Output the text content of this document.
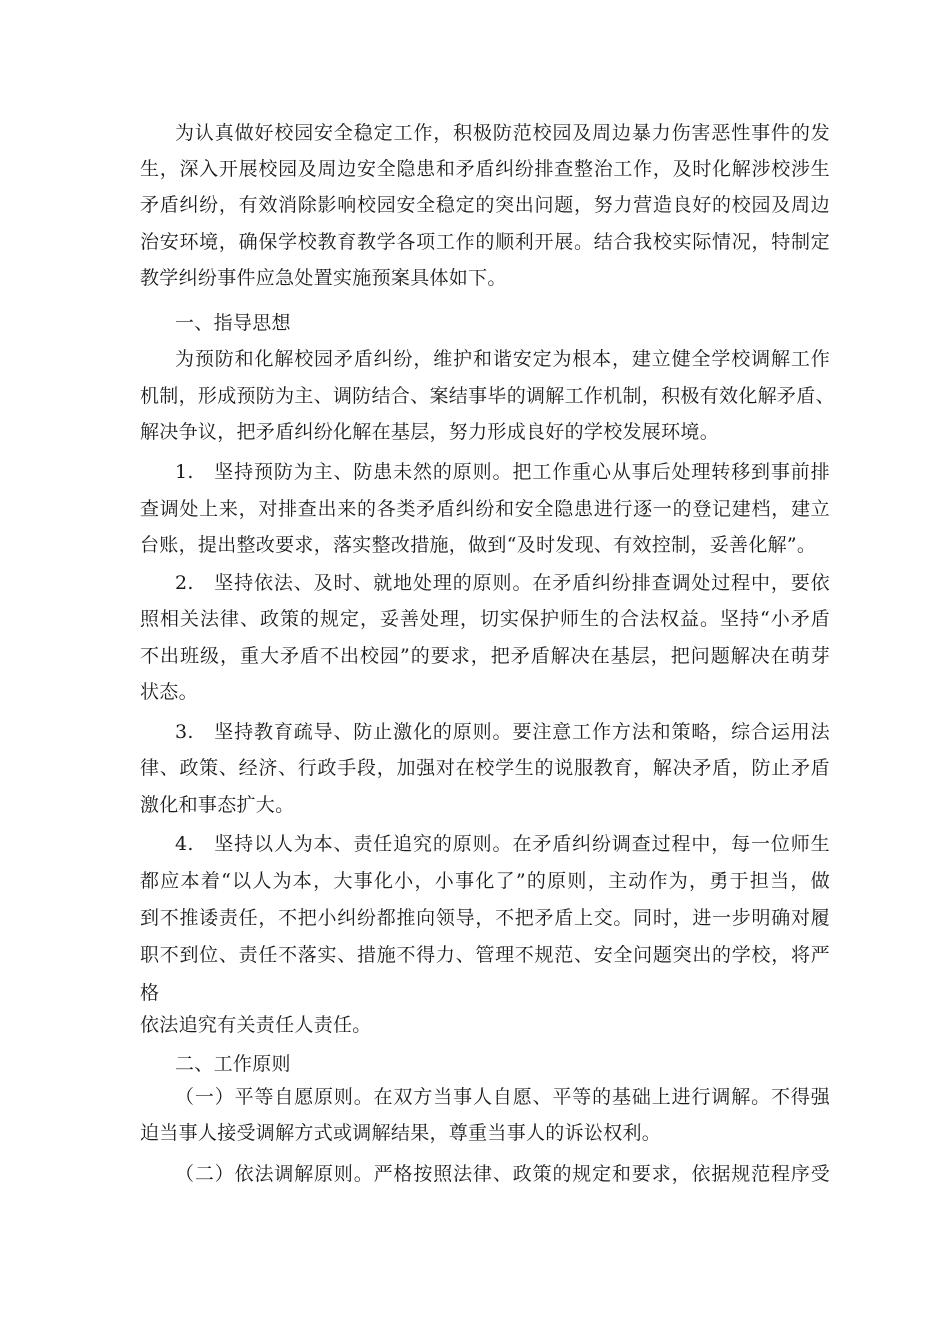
为认真做好校园安全稳定工作，积极防范校园及周边暴力伤害恶性事件的发
生，深入开展校园及周边安全隐患和矛盾纠纷排查整治工作，及时化解涉校涉生
矛盾纠纷，有效消除影响校园安全稳定的突出问题，努力营造良好的校园及周边
治安环境，确保学校教育教学各项工作的顺利开展。结合我校实际情况，特制定
教学纠纷事件应急处置实施预案具体如下。
一、指导思想
为预防和化解校园矛盾纠纷，维护和谐安定为根本，建立健全学校调解工作
机制，形成预防为主、调防结合、案结事毕的调解工作机制，积极有效化解矛盾、
解决争议，把矛盾纠纷化解在基层，努力形成良好的学校发展环境。
1.　坚持预防为主、防患未然的原则。把工作重心从事后处理转移到事前排
查调处上来，对排查出来的各类矛盾纠纷和安全隐患进行逐一的登记建档，建立
台账，提出整改要求，落实整改措施，做到“及时发现、有效控制，妥善化解”。
2.　坚持依法、及时、就地处理的原则。在矛盾纠纷排查调处过程中，要依
照相关法律、政策的规定，妥善处理，切实保护师生的合法权益。坚持“小矛盾
不出班级，重大矛盾不出校园”的要求，把矛盾解决在基层，把问题解决在萌芽
状态。
3.　坚持教育疏导、防止激化的原则。要注意工作方法和策略，综合运用法
律、政策、经济、行政手段，加强对在校学生的说服教育，解决矛盾，防止矛盾
激化和事态扩大。
4.　坚持以人为本、责任追究的原则。在矛盾纠纷调查过程中，每一位师生
都应本着“以人为本，大事化小，小事化了”的原则，主动作为，勇于担当，做
到不推诿责任，不把小纠纷都推向领导，不把矛盾上交。同时，进一步明确对履
职不到位、责任不落实、措施不得力、管理不规范、安全问题突出的学校，将严
格
依法追究有关责任人责任。
二、工作原则
（一）平等自愿原则。在双方当事人自愿、平等的基础上进行调解。不得强
迫当事人接受调解方式或调解结果，尊重当事人的诉讼权利。
（二）依法调解原则。严格按照法律、政策的规定和要求，依据规范程序受
